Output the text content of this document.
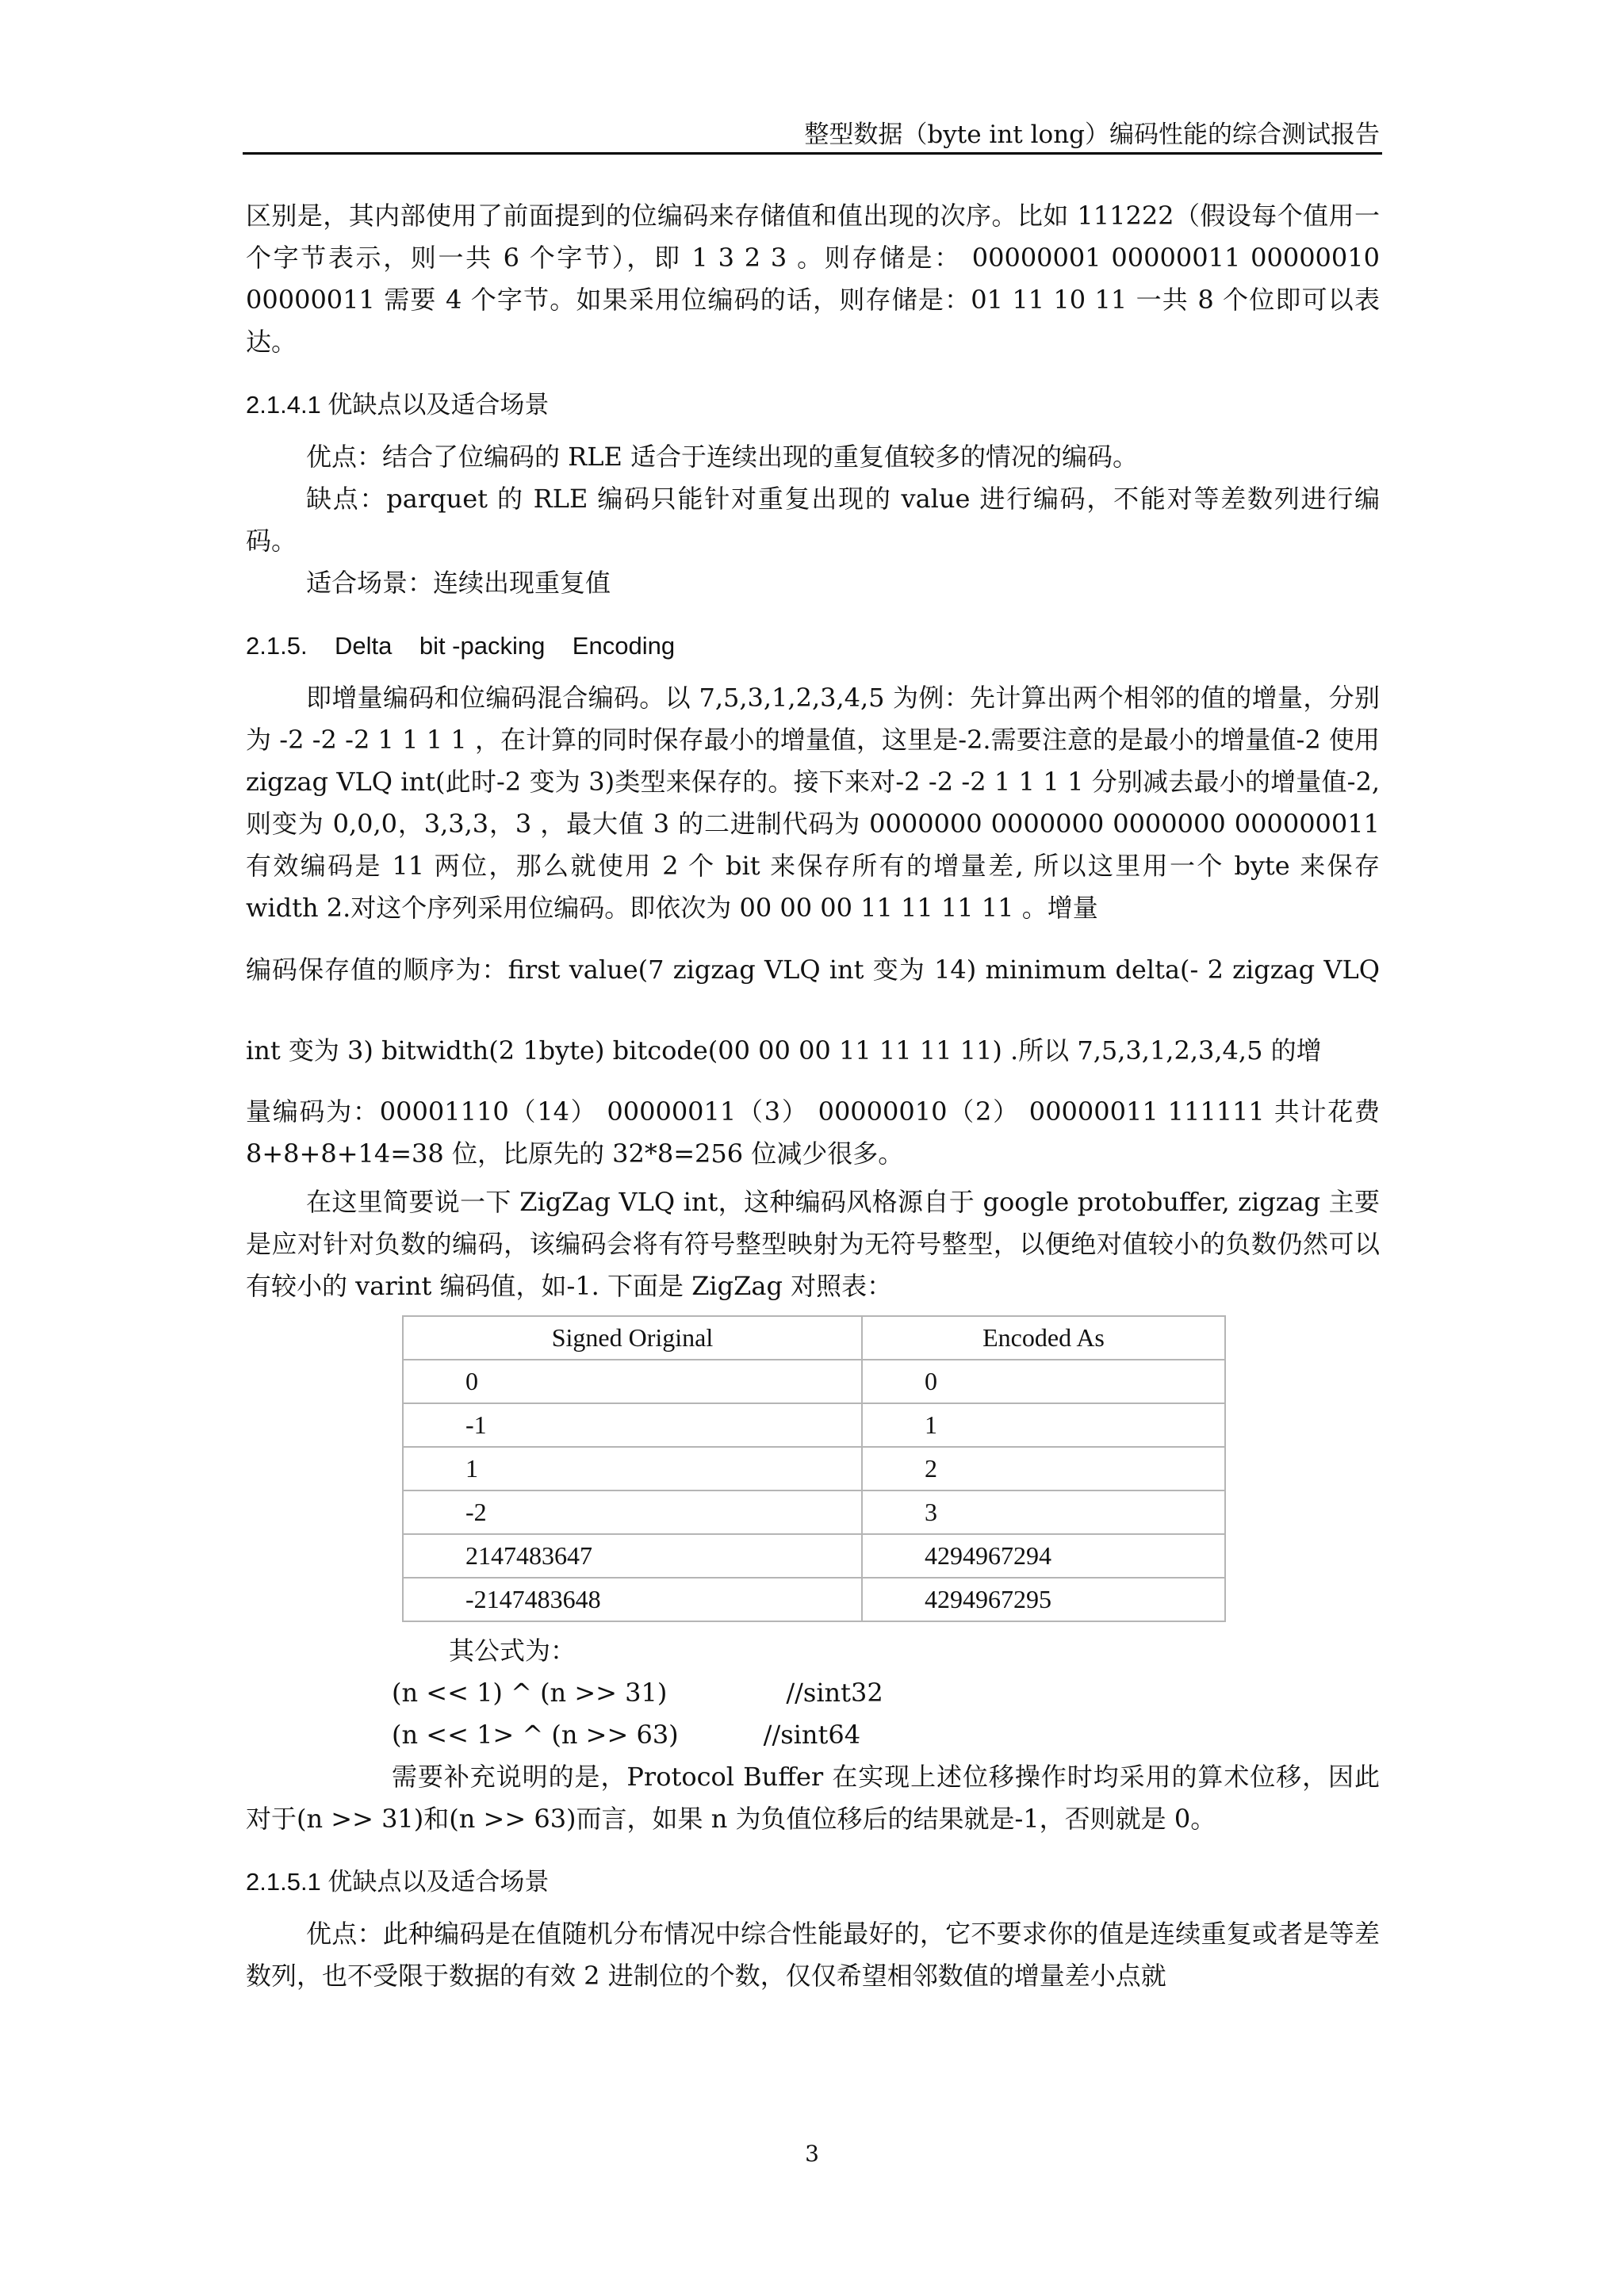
整型数据（byte int long）编码性能的综合测试报告

区别是，其内部使用了前面提到的位编码来存储值和值出现的次序。比如 111222（假设每个值用一个字节表示，则一共 6 个字节），即 1 3 2 3 。则存储是： 00000001 00000011 00000010 00000011 需要 4 个字节。如果采用位编码的话，则存储是：01 11 10 11 一共 8 个位即可以表达。

2.1.4.1 优缺点以及适合场景

优点：结合了位编码的 RLE 适合于连续出现的重复值较多的情况的编码。

缺点：parquet 的 RLE 编码只能针对重复出现的 value 进行编码，不能对等差数列进行编码。

适合场景：连续出现重复值

2.1.5.    Delta    bit -packing    Encoding

即增量编码和位编码混合编码。以 7,5,3,1,2,3,4,5 为例：先计算出两个相邻的值的增量，分别为 -2 -2 -2 1 1 1 1 ，在计算的同时保存最小的增量值，这里是-2.需要注意的是最小的增量值-2 使用 zigzag VLQ int(此时-2 变为 3)类型来保存的。接下来对-2 -2 -2 1 1 1 1 分别减去最小的增量值-2,则变为 0,0,0，3,3,3，3 ，最大值 3 的二进制代码为 0000000 0000000 0000000 000000011 有效编码是 11 两位，那么就使用 2 个 bit 来保存所有的增量差, 所以这里用一个 byte 来保存 width 2.对这个序列采用位编码。即依次为 00 00 00 11 11 11 11 。增量

编码保存值的顺序为：first value(7 zigzag VLQ int 变为 14) minimum delta(- 2 zigzag VLQ int 变为 3) bitwidth(2 1byte) bitcode(00 00 00 11 11 11 11) .所以 7,5,3,1,2,3,4,5 的增

量编码为：00001110（14） 00000011（3） 00000010（2） 00000011 111111 共计花费 8+8+8+14=38 位，比原先的 32*8=256 位减少很多。

在这里简要说一下 ZigZag VLQ int，这种编码风格源自于 google protobuffer, zigzag 主要是应对针对负数的编码，该编码会将有符号整型映射为无符号整型，以便绝对值较小的负数仍然可以有较小的 varint 编码值，如-1. 下面是 ZigZag 对照表：

Signed Original	Encoded As
0	0
-1	1
1	2
-2	3
2147483647	4294967294
-2147483648	4294967295
其公式为：
(n << 1) ^ (n >> 31)	//sint32
(n << 1> ^ (n >> 63)	//sint64

需要补充说明的是，Protocol Buffer 在实现上述位移操作时均采用的算术位移，因此对于(n >> 31)和(n >> 63)而言，如果 n 为负值位移后的结果就是-1，否则就是 0。

2.1.5.1 优缺点以及适合场景

优点：此种编码是在值随机分布情况中综合性能最好的，它不要求你的值是连续重复或者是等差数列，也不受限于数据的有效 2 进制位的个数，仅仅希望相邻数值的增量差小点就

3
